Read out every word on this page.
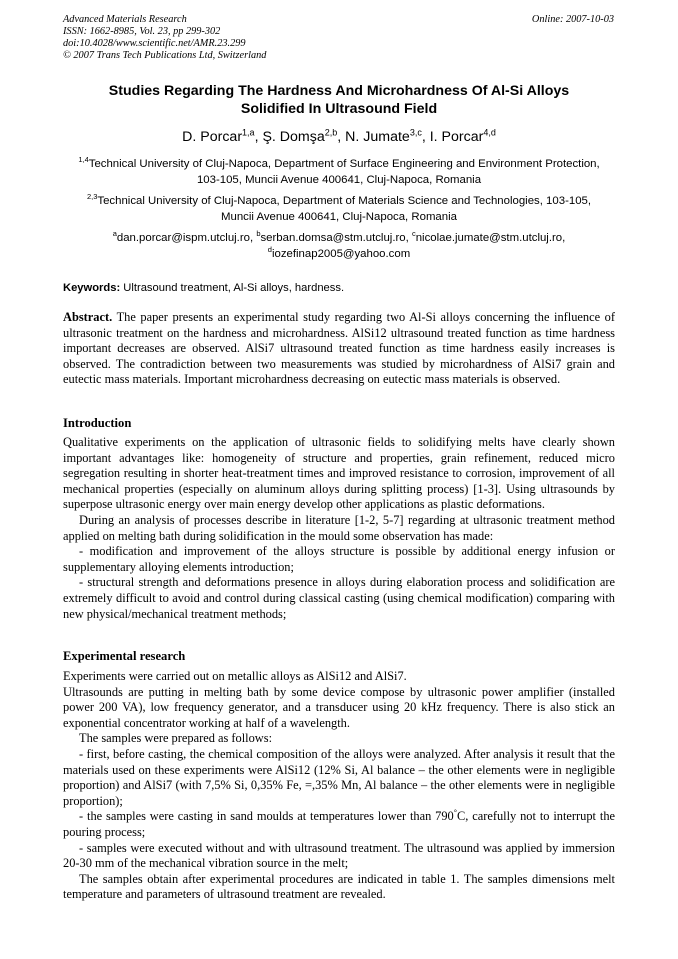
Advanced Materials Research
ISSN: 1662-8985, Vol. 23, pp 299-302
doi:10.4028/www.scientific.net/AMR.23.299
© 2007 Trans Tech Publications Ltd, Switzerland
Online: 2007-10-03
Studies Regarding The Hardness And Microhardness Of Al-Si Alloys
Solidified In Ultrasound Field
D. Porcar$^{1,a}$, Ş. Domşa$^{2,b}$, N. Jumate$^{3,c}$, I. Porcar$^{4,d}$
$^{1,4}$Technical University of Cluj-Napoca, Department of Surface Engineering and Environment Protection, 103-105, Muncii Avenue 400641, Cluj-Napoca, Romania
$^{2,3}$Technical University of Cluj-Napoca, Department of Materials Science and Technologies, 103-105, Muncii Avenue 400641, Cluj-Napoca, Romania
$^a$dan.porcar@ispm.utcluj.ro, $^b$serban.domsa@stm.utcluj.ro, $^c$nicolae.jumate@stm.utcluj.ro,
$^d$iozefinap2005@yahoo.com
Keywords: Ultrasound treatment, Al-Si alloys, hardness.

Abstract. The paper presents an experimental study regarding two Al-Si alloys concerning the influence of ultrasonic treatment on the hardness and microhardness. AlSi12 ultrasound treated function as time hardness important decreases are observed. AlSi7 ultrasound treated function as time hardness easily increases is observed. The contradiction between two measurements was studied by microhardness of AlSi7 grain and eutectic mass materials. Important microhardness decreasing on eutectic mass materials is observed.

Introduction

Qualitative experiments on the application of ultrasonic fields to solidifying melts have clearly shown important advantages like: homogeneity of structure and properties, grain refinement, reduced micro segregation resulting in shorter heat-treatment times and improved resistance to corrosion, improvement of all mechanical properties (especially on aluminum alloys during splitting process) [1-3]. Using ultrasounds by superpose ultrasonic energy over main energy develop other applications as plastic deformations.

During an analysis of processes describe in literature [1-2, 5-7] regarding at ultrasonic treatment method applied on melting bath during solidification in the mould some observation has made:

- modification and improvement of the alloys structure is possible by additional energy infusion or supplementary alloying elements introduction;

- structural strength and deformations presence in alloys during elaboration process and solidification are extremely difficult to avoid and control during classical casting (using chemical modification) comparing with new physical/mechanical treatment methods;

Experimental research

Experiments were carried out on metallic alloys as AlSi12 and AlSi7.

Ultrasounds are putting in melting bath by some device compose by ultrasonic power amplifier (installed power 200 VA), low frequency generator, and a transducer using 20 kHz frequency. There is also stick an exponential concentrator working at half of a wavelength.

The samples were prepared as follows:

- first, before casting, the chemical composition of the alloys were analyzed. After analysis it result that the materials used on these experiments were AlSi12 (12% Si, Al balance – the other elements were in negligible proportion) and AlSi7 (with 7,5% Si, 0,35% Fe, =,35% Mn, Al balance – the other elements were in negligible proportion);

- the samples were casting in sand moulds at temperatures lower than 790°C, carefully not to interrupt the pouring process;

- samples were executed without and with ultrasound treatment. The ultrasound was applied by immersion 20-30 mm of the mechanical vibration source in the melt;

The samples obtain after experimental procedures are indicated in table 1. The samples dimensions melt temperature and parameters of ultrasound treatment are revealed.
